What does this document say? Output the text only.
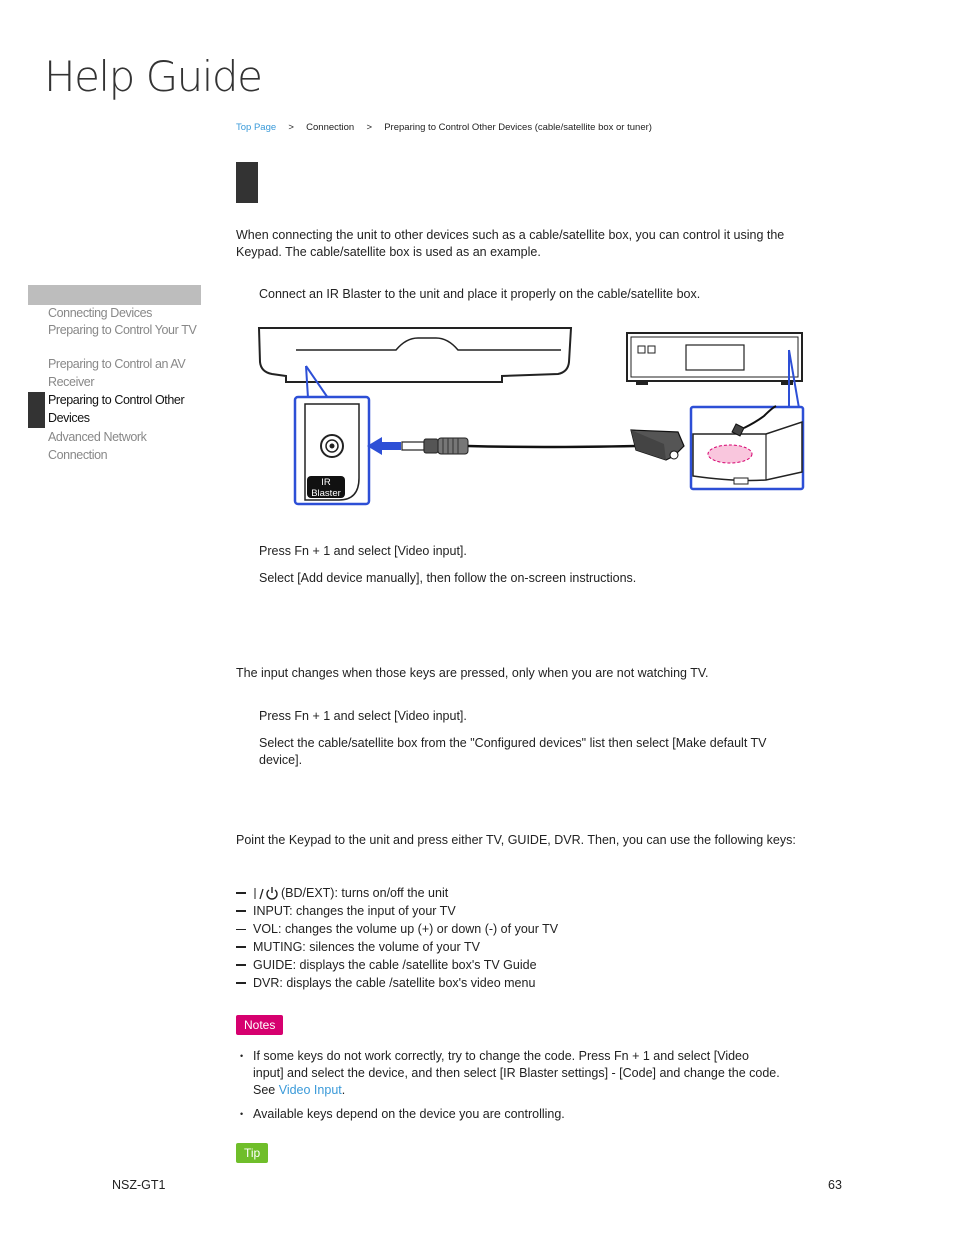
Help Guide
Top Page > Connection > Preparing to Control Other Devices (cable/satellite box or tuner)
When connecting the unit to other devices such as a cable/satellite box, you can control it using the Keypad. The cable/satellite box is used as an example.
Connecting Devices
Preparing to Control Your TV
Preparing to Control an AV Receiver
Preparing to Control Other Devices
Advanced Network Connection
Connect an IR Blaster to the unit and place it properly on the cable/satellite box.
IR
Blaster
Press Fn + 1 and select [Video input].
Select [Add device manually], then follow the on-screen instructions.
The input changes when those keys are pressed, only when you are not watching TV.
Press Fn + 1 and select [Video input].
Select the cable/satellite box from the "Configured devices" list then select [Make default TV device].
Point the Keypad to the unit and press either TV, GUIDE, DVR. Then, you can use the following keys:
(BD/EXT): turns on/off the unit
INPUT: changes the input of your TV
VOL: changes the volume up (+) or down (-) of your TV
MUTING: silences the volume of your TV
GUIDE: displays the cable /satellite box's TV Guide
DVR: displays the cable /satellite box's video menu
Notes
• If some keys do not work correctly, try to change the code. Press Fn + 1 and select [Video input] and select the device, and then select [IR Blaster settings] - [Code] and change the code. See Video Input.
• Available keys depend on the device you are controlling.
Tip
NSZ-GT1	63
